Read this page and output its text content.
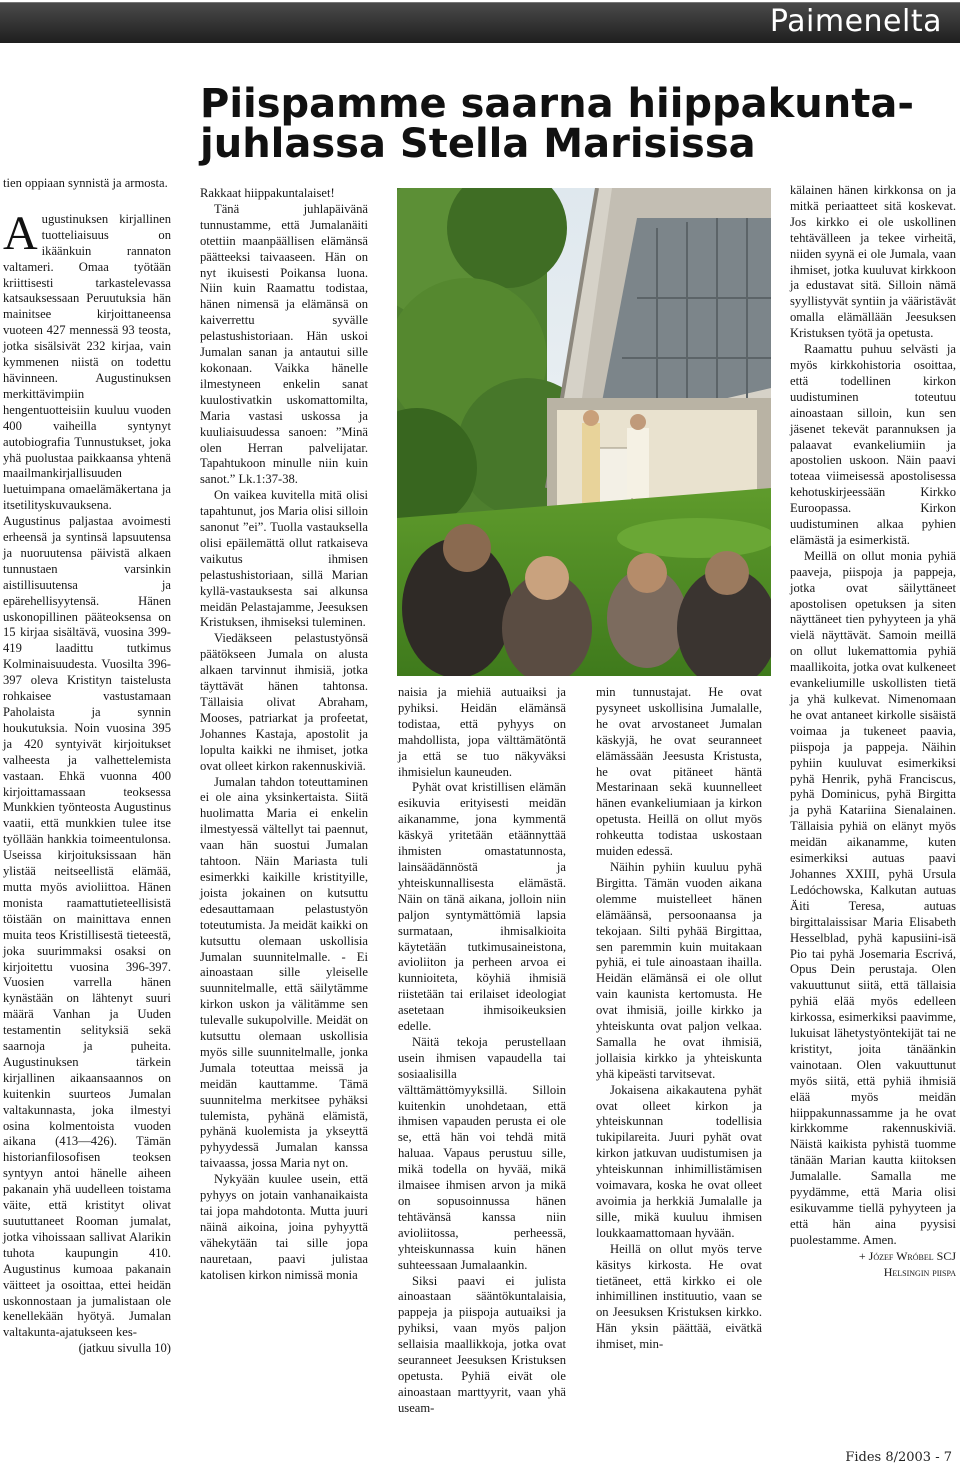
Paimenelta
Piispamme saarna hiippakunta-juhlassa Stella Marisissa

tien oppiaan synnistä ja armosta.

Augustinuksen kirjallinen tuotteliaisuus on ikäänkuin rannaton valtameri. Omaa työtään kriittisesti tarkastelevassa katsauksessaan Peruutuksia hän mainitsee kirjoittaneensa vuoteen 427 mennessä 93 teosta, jotka sisälsivät 232 kirjaa, vain kymmenen niistä on todettu hävinneen. Augustinuksen merkittävimpiin hengentuotteisiin kuuluu vuoden 400 vaiheilla syntynyt autobiografia Tunnustukset, joka yhä puolustaa paikkaansa yhtenä maailmankirjallisuuden luetuimpana omaelämäkertana ja itsetilityskuvauksena. Augustinus paljastaa avoimesti erheensä ja syntinsä lapsuutensa ja nuoruutensa päivistä alkaen tunnustaen varsinkin aistillisuutensa ja epärehellisyytensä. Hänen uskonopillinen pääteoksensa on 15 kirjaa sisältävä, vuosina 399-419 laadittu tutkimus Kolminaisuudesta. Vuosilta 396-397 oleva Kristityn taistelusta rohkaisee vastustamaan Paholaista ja synnin houkutuksia. Noin vuosina 395 ja 420 syntyivät kirjoitukset valheesta ja valhettelemista vastaan. Ehkä vuonna 400 kirjoittamassaan teoksessa Munkkien työnteosta Augustinus vaatii, että munkkien tulee itse työllään hankkia toimeentulonsa. Useissa kirjoituksissaan hän ylistää neitseellistä elämää, mutta myös avioliittoa. Hänen monista raamattutieteellisistä töistään on mainittava ennen muita teos Kristillisestä tieteestä, joka suurimmaksi osaksi on kirjoitettu vuosina 396-397. Vuosien varrella hänen kynästään on lähtenyt suuri määrä Vanhan ja Uuden testamentin selityksiä sekä saarnoja ja puheita. Augustinuksen tärkein kirjallinen aikaansaannos on kuitenkin suurteos Jumalan valtakunnasta, joka ilmestyi osina kolmentoista vuoden aikana (413—426). Tämän historianfilosofisen teoksen syntyyn antoi hänelle aiheen pakanain yhä uudelleen toistama väite, että kristityt olivat suututtaneet Rooman jumalat, jotka vihoissaan sallivat Alarikin tuhota kaupungin 410. Augustinus kumoaa pakanain väitteet ja osoittaa, ettei heidän uskonnostaan ja jumalistaan ole kenellekään hyötyä. Jumalan valtakunta-ajatukseen kes-

(jatkuu sivulla 10)

Rakkaat hiippakuntalaiset!

Tänä juhlapäivänä tunnustamme, että Jumalanäiti otettiin maanpäällisen elämänsä päätteeksi taivaaseen. Hän on nyt ikuisesti Poikansa luona. Niin kuin Raamattu todistaa, hänen nimensä ja elämänsä on kaiverrettu syvälle pelastushistoriaan. Hän uskoi Jumalan sanan ja antautui sille kokonaan. Vaikka hänelle ilmestyneen enkelin sanat kuulostivatkin uskomattomilta, Maria vastasi uskossa ja kuuliaisuudessa sanoen: ”Minä olen Herran palvelijatar. Tapahtukoon minulle niin kuin sanot.” Lk.1:37-38.

On vaikea kuvitella mitä olisi tapahtunut, jos Maria olisi silloin sanonut ”ei”. Tuolla vastauksella olisi epäilemättä ollut ratkaiseva vaikutus ihmisen pelastushistoriaan, sillä Marian kyllä-vastauksesta sai alkunsa meidän Pelastajamme, Jeesuksen Kristuksen, ihmiseksi tuleminen.

Viedäkseen pelastustyönsä päätökseen Jumala on alusta alkaen tarvinnut ihmisiä, jotka täyttävät hänen tahtonsa. Tällaisia olivat Abraham, Mooses, patriarkat ja profeetat, Johannes Kastaja, apostolit ja lopulta kaikki ne ihmiset, jotka ovat olleet kirkon rakennuskiviä.

Jumalan tahdon toteuttaminen ei ole aina yksinkertaista. Siitä huolimatta Maria ei enkelin ilmestyessä vältellyt tai paennut, vaan hän suostui Jumalan tahtoon. Näin Mariasta tuli esimerkki kaikille kristityille, joista jokainen on kutsuttu edesauttamaan pelastustyön toteutumista. Ja meidät kaikki on kutsuttu olemaan uskollisia Jumalan suunnitelmalle. - Ei ainoastaan sille yleiselle suunnitelmalle, että säilytämme kirkon uskon ja välitämme sen tulevalle sukupolville. Meidät on kutsuttu olemaan uskollisia myös sille suunnitelmalle, jonka Jumala toteuttaa meissä ja meidän kauttamme. Tämä suunnitelma merkitsee pyhäksi tulemista, pyhänä elämistä, pyhänä kuolemista ja ykseyttä pyhyydessä Jumalan kanssa taivaassa, jossa Maria nyt on.

Nykyään kuulee usein, että pyhyys on jotain vanhanaikaista tai jopa mahdotonta. Mutta juuri näinä aikoina, joina pyhyyttä vähekytään tai sille jopa nauretaan, paavi julistaa katolisen kirkon nimissä monia

naisia ja miehiä autuaiksi ja pyhiksi. Heidän elämänsä todistaa, että pyhyys on mahdollista, jopa välttämätöntä ja että se tuo näkyväksi ihmisielun kauneuden.

Pyhät ovat kristillisen elämän esikuvia erityisesti meidän aikanamme, jona kymmentä käskyä yritetään etäännyttää ihmisten omastatunnosta, lainsäädännöstä ja yhteiskunnallisesta elämästä. Näin on tänä aikana, jolloin niin paljon syntymättömiä lapsia surmataan, ihmisalkioita käytetään tutkimusaineistona, avioliiton ja perheen arvoa ei kunnioiteta, köyhiä ihmisiä riistetään tai erilaiset ideologiat asetetaan ihmisoikeuksien edelle.

Näitä tekoja perustellaan usein ihmisen vapaudella tai sosiaalisilla välttämättömyyksillä. Silloin kuitenkin unohdetaan, että ihmisen vapauden perusta ei ole se, että hän voi tehdä mitä haluaa. Vapaus perustuu sille, mikä todella on hyvää, mikä ilmaisee ihmisen arvon ja mikä on sopusoinnussa hänen tehtävänsä kanssa niin avioliitossa, perheessä, yhteiskunnassa kuin hänen suhteessaan Jumalaankin.

Siksi paavi ei julista ainoastaan sääntökuntalaisia, pappeja ja piispoja autuaiksi ja pyhiksi, vaan myös paljon sellaisia maallikkoja, jotka ovat seuranneet Jeesuksen Kristuksen opetusta. Pyhiä eivät ole ainoastaan marttyyrit, vaan yhä useam-

min tunnustajat. He ovat pysyneet uskollisina Jumalalle, he ovat arvostaneet Jumalan käskyjä, he ovat seuranneet elämässään Jeesusta Kristusta, he ovat pitäneet häntä Mestarinaan sekä kuunnelleet hänen evankeliumiaan ja kirkon opetusta. Heillä on ollut myös rohkeutta todistaa uskostaan muiden edessä.

Näihin pyhiin kuuluu pyhä Birgitta. Tämän vuoden aikana olemme muistelleet hänen elämäänsä, persoonaansa ja tekojaan. Silti pyhää Birgittaa, sen paremmin kuin muitakaan pyhiä, ei tule ainoastaan ihailla. Heidän elämänsä ei ole ollut vain kaunista kertomusta. He ovat ihmisiä, joille kirkko ja yhteiskunta ovat paljon velkaa. Samalla he ovat ihmisiä, jollaisia kirkko ja yhteiskunta yhä kipeästi tarvitsevat.

Jokaisena aikakautena pyhät ovat olleet kirkon ja yhteiskunnan todellisia tukipilareita. Juuri pyhät ovat kirkon jatkuvan uudistumisen ja yhteiskunnan inhimillistämisen voimavara, koska he ovat olleet avoimia ja herkkiä Jumalalle ja sille, mikä kuuluu ihmisen loukkaamattomaan hyvään.

Heillä on ollut myös terve käsitys kirkosta. He ovat tietäneet, että kirkko ei ole inhimillinen instituutio, vaan se on Jeesuksen Kristuksen kirkko. Hän yksin päättää, eivätkä ihmiset, min-

kälainen hänen kirkkonsa on ja mitkä periaatteet sitä koskevat. Jos kirkko ei ole uskollinen tehtävälleen ja tekee virheitä, niiden syynä ei ole Jumala, vaan ihmiset, jotka kuuluvat kirkkoon ja edustavat sitä. Silloin nämä syyllistyvät syntiin ja vääristävät omalla elämällään Jeesuksen Kristuksen työtä ja opetusta.

Raamattu puhuu selvästi ja myös kirkkohistoria osoittaa, että todellinen kirkon uudistuminen toteutuu ainoastaan silloin, kun sen jäsenet tekevät parannuksen ja palaavat evankeliumiin ja apostolien uskoon. Näin paavi toteaa viimeisessä apostolisessa kehotuskirjeessään Kirkko Euroopassa. Kirkon uudistuminen alkaa pyhien elämästä ja esimerkistä.

Meillä on ollut monia pyhiä paaveja, piispoja ja pappeja, jotka ovat säilyttäneet apostolisen opetuksen ja siten näyttäneet tien pyhyyteen ja yhä vielä näyttävät. Samoin meillä on ollut lukemattomia pyhiä maallikoita, jotka ovat kulkeneet evankeliumille uskollisten tietä ja yhä kulkevat. Nimenomaan he ovat antaneet kirkolle sisäistä voimaa ja tukeneet paavia, piispoja ja pappeja. Näihin pyhiin kuuluvat esimerkiksi pyhä Henrik, pyhä Franciscus, pyhä Dominicus, pyhä Birgitta ja pyhä Katariina Sienalainen. Tällaisia pyhiä on elänyt myös meidän aikanamme, kuten esimerkiksi autuas paavi Johannes XXIII, pyhä Ursula Ledóchowska, Kalkutan autuas Äiti Teresa, autuas birgittalaissisar Maria Elisabeth Hesselblad, pyhä kapusiini-isä Pio tai pyhä Josemaria Escrivá, Opus Dein perustaja. Olen vakuuttunut siitä, että tällaisia pyhiä elää myös edelleen kirkossa, esimerkiksi paavimme, lukuisat lähetystyöntekijät tai ne kristityt, joita tänäänkin vainotaan. Olen vakuuttunut myös siitä, että pyhiä ihmisiä elää myös meidän hiippakunnassamme ja he ovat kirkkomme rakennuskiviä. Näistä kaikista pyhistä tuomme tänään Marian kautta kiitoksen Jumalalle. Samalla me pyydämme, että Maria olisi esikuvamme tiellä pyhyyteen ja että hän aina pyysisi puolestamme. Amen.

+ Józef Wróbel SCJ

Helsingin piispa

Fides 8/2003 - 7
